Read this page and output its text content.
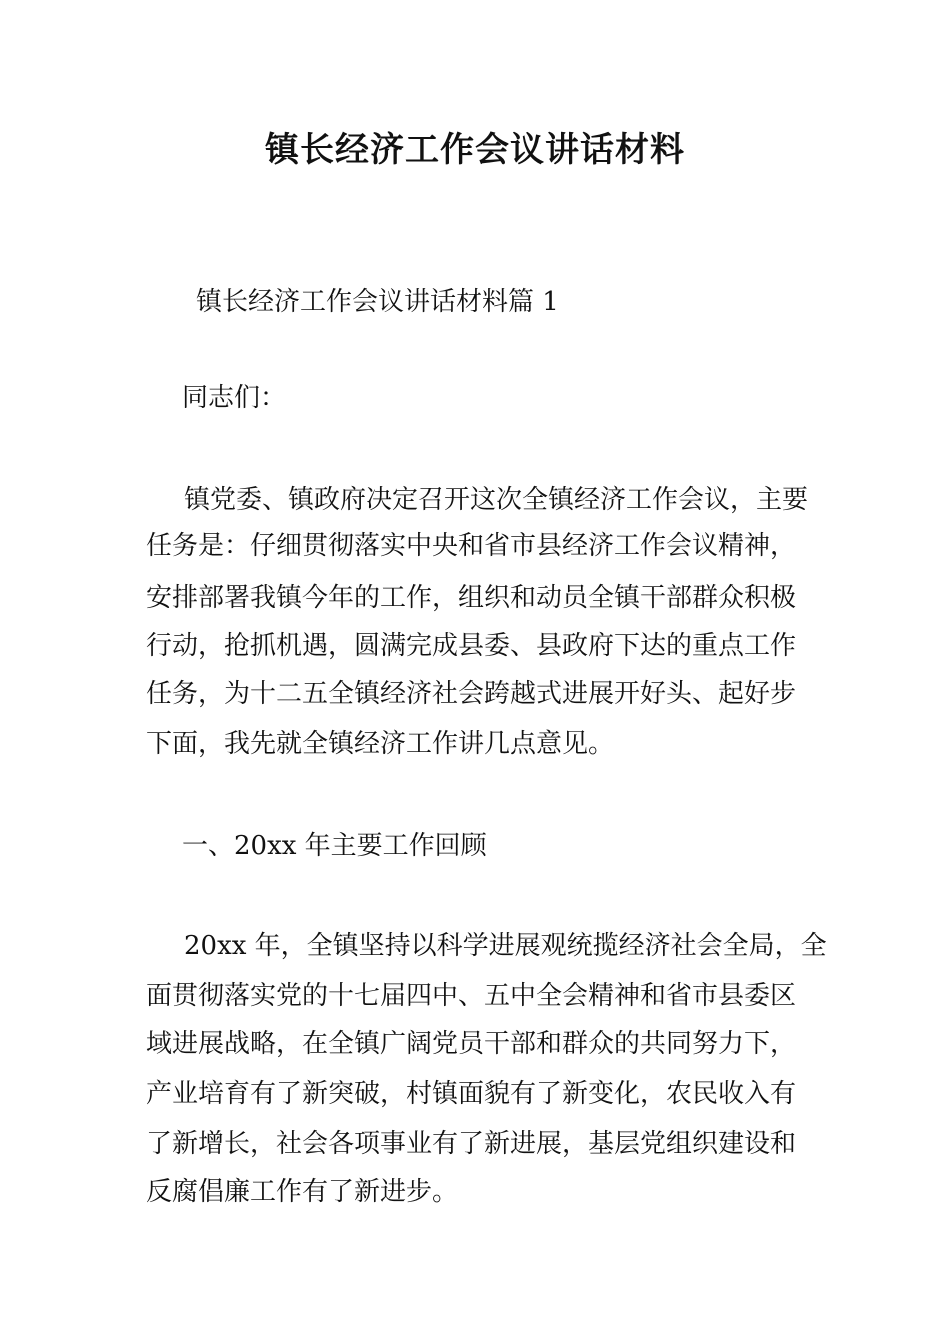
镇长经济工作会议讲话材料
镇长经济工作会议讲话材料篇 1
同志们：
镇党委、镇政府决定召开这次全镇经济工作会议，主要
任务是：仔细贯彻落实中央和省市县经济工作会议精神，
安排部署我镇今年的工作，组织和动员全镇干部群众积极
行动，抢抓机遇，圆满完成县委、县政府下达的重点工作
任务，为十二五全镇经济社会跨越式进展开好头、起好步
下面，我先就全镇经济工作讲几点意见。
一、20xx 年主要工作回顾
20xx 年，全镇坚持以科学进展观统揽经济社会全局，全
面贯彻落实党的十七届四中、五中全会精神和省市县委区
域进展战略，在全镇广阔党员干部和群众的共同努力下，
产业培育有了新突破，村镇面貌有了新变化，农民收入有
了新增长，社会各项事业有了新进展，基层党组织建设和
反腐倡廉工作有了新进步。
